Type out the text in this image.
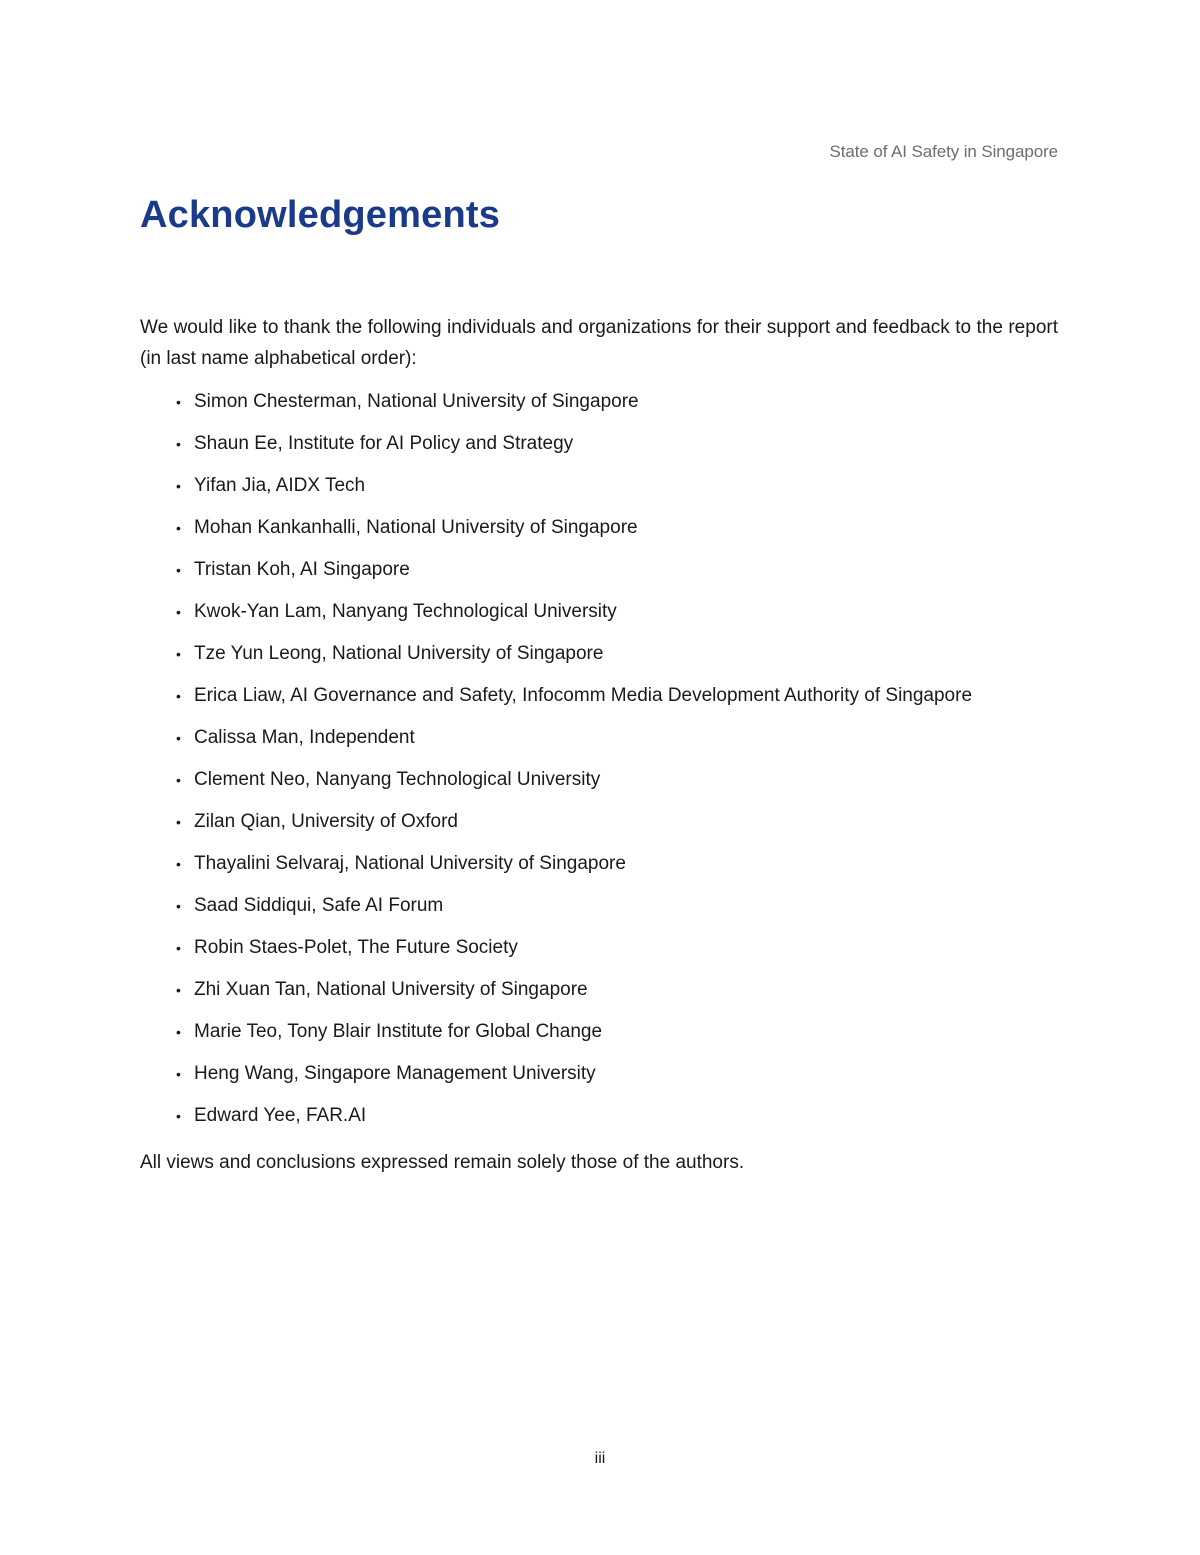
State of AI Safety in Singapore
Acknowledgements

We would like to thank the following individuals and organizations for their support and feedback to the report (in last name alphabetical order):

• Simon Chesterman, National University of Singapore
• Shaun Ee, Institute for AI Policy and Strategy
• Yifan Jia, AIDX Tech
• Mohan Kankanhalli, National University of Singapore
• Tristan Koh, AI Singapore
• Kwok-Yan Lam, Nanyang Technological University
• Tze Yun Leong, National University of Singapore
• Erica Liaw, AI Governance and Safety, Infocomm Media Development Authority of Singapore
• Calissa Man, Independent
• Clement Neo, Nanyang Technological University
• Zilan Qian, University of Oxford
• Thayalini Selvaraj, National University of Singapore
• Saad Siddiqui, Safe AI Forum
• Robin Staes-Polet, The Future Society
• Zhi Xuan Tan, National University of Singapore
• Marie Teo, Tony Blair Institute for Global Change
• Heng Wang, Singapore Management University
• Edward Yee, FAR.AI

All views and conclusions expressed remain solely those of the authors.

iii
